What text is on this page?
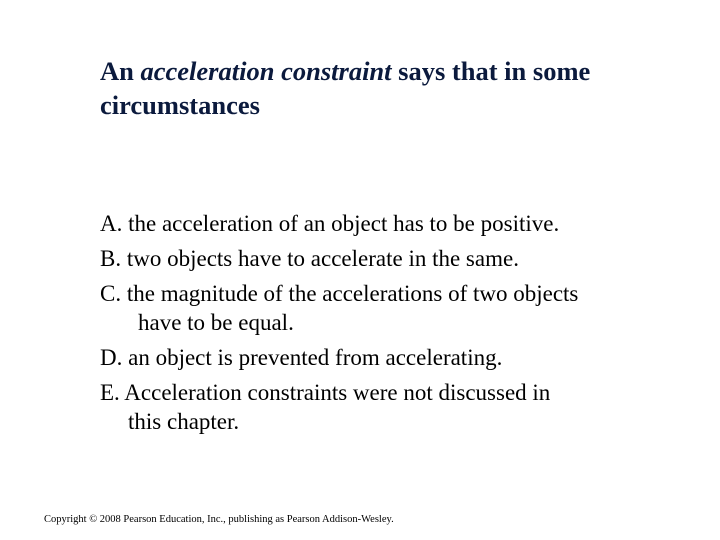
An acceleration constraint says that in some circumstances
A. the acceleration of an object has to be positive.
B. two objects have to accelerate in the same.
C. the magnitude of the accelerations of two objects
have to be equal.
D. an object is prevented from accelerating.
E. Acceleration constraints were not discussed in
this chapter.
Copyright © 2008 Pearson Education, Inc., publishing as Pearson Addison-Wesley.
